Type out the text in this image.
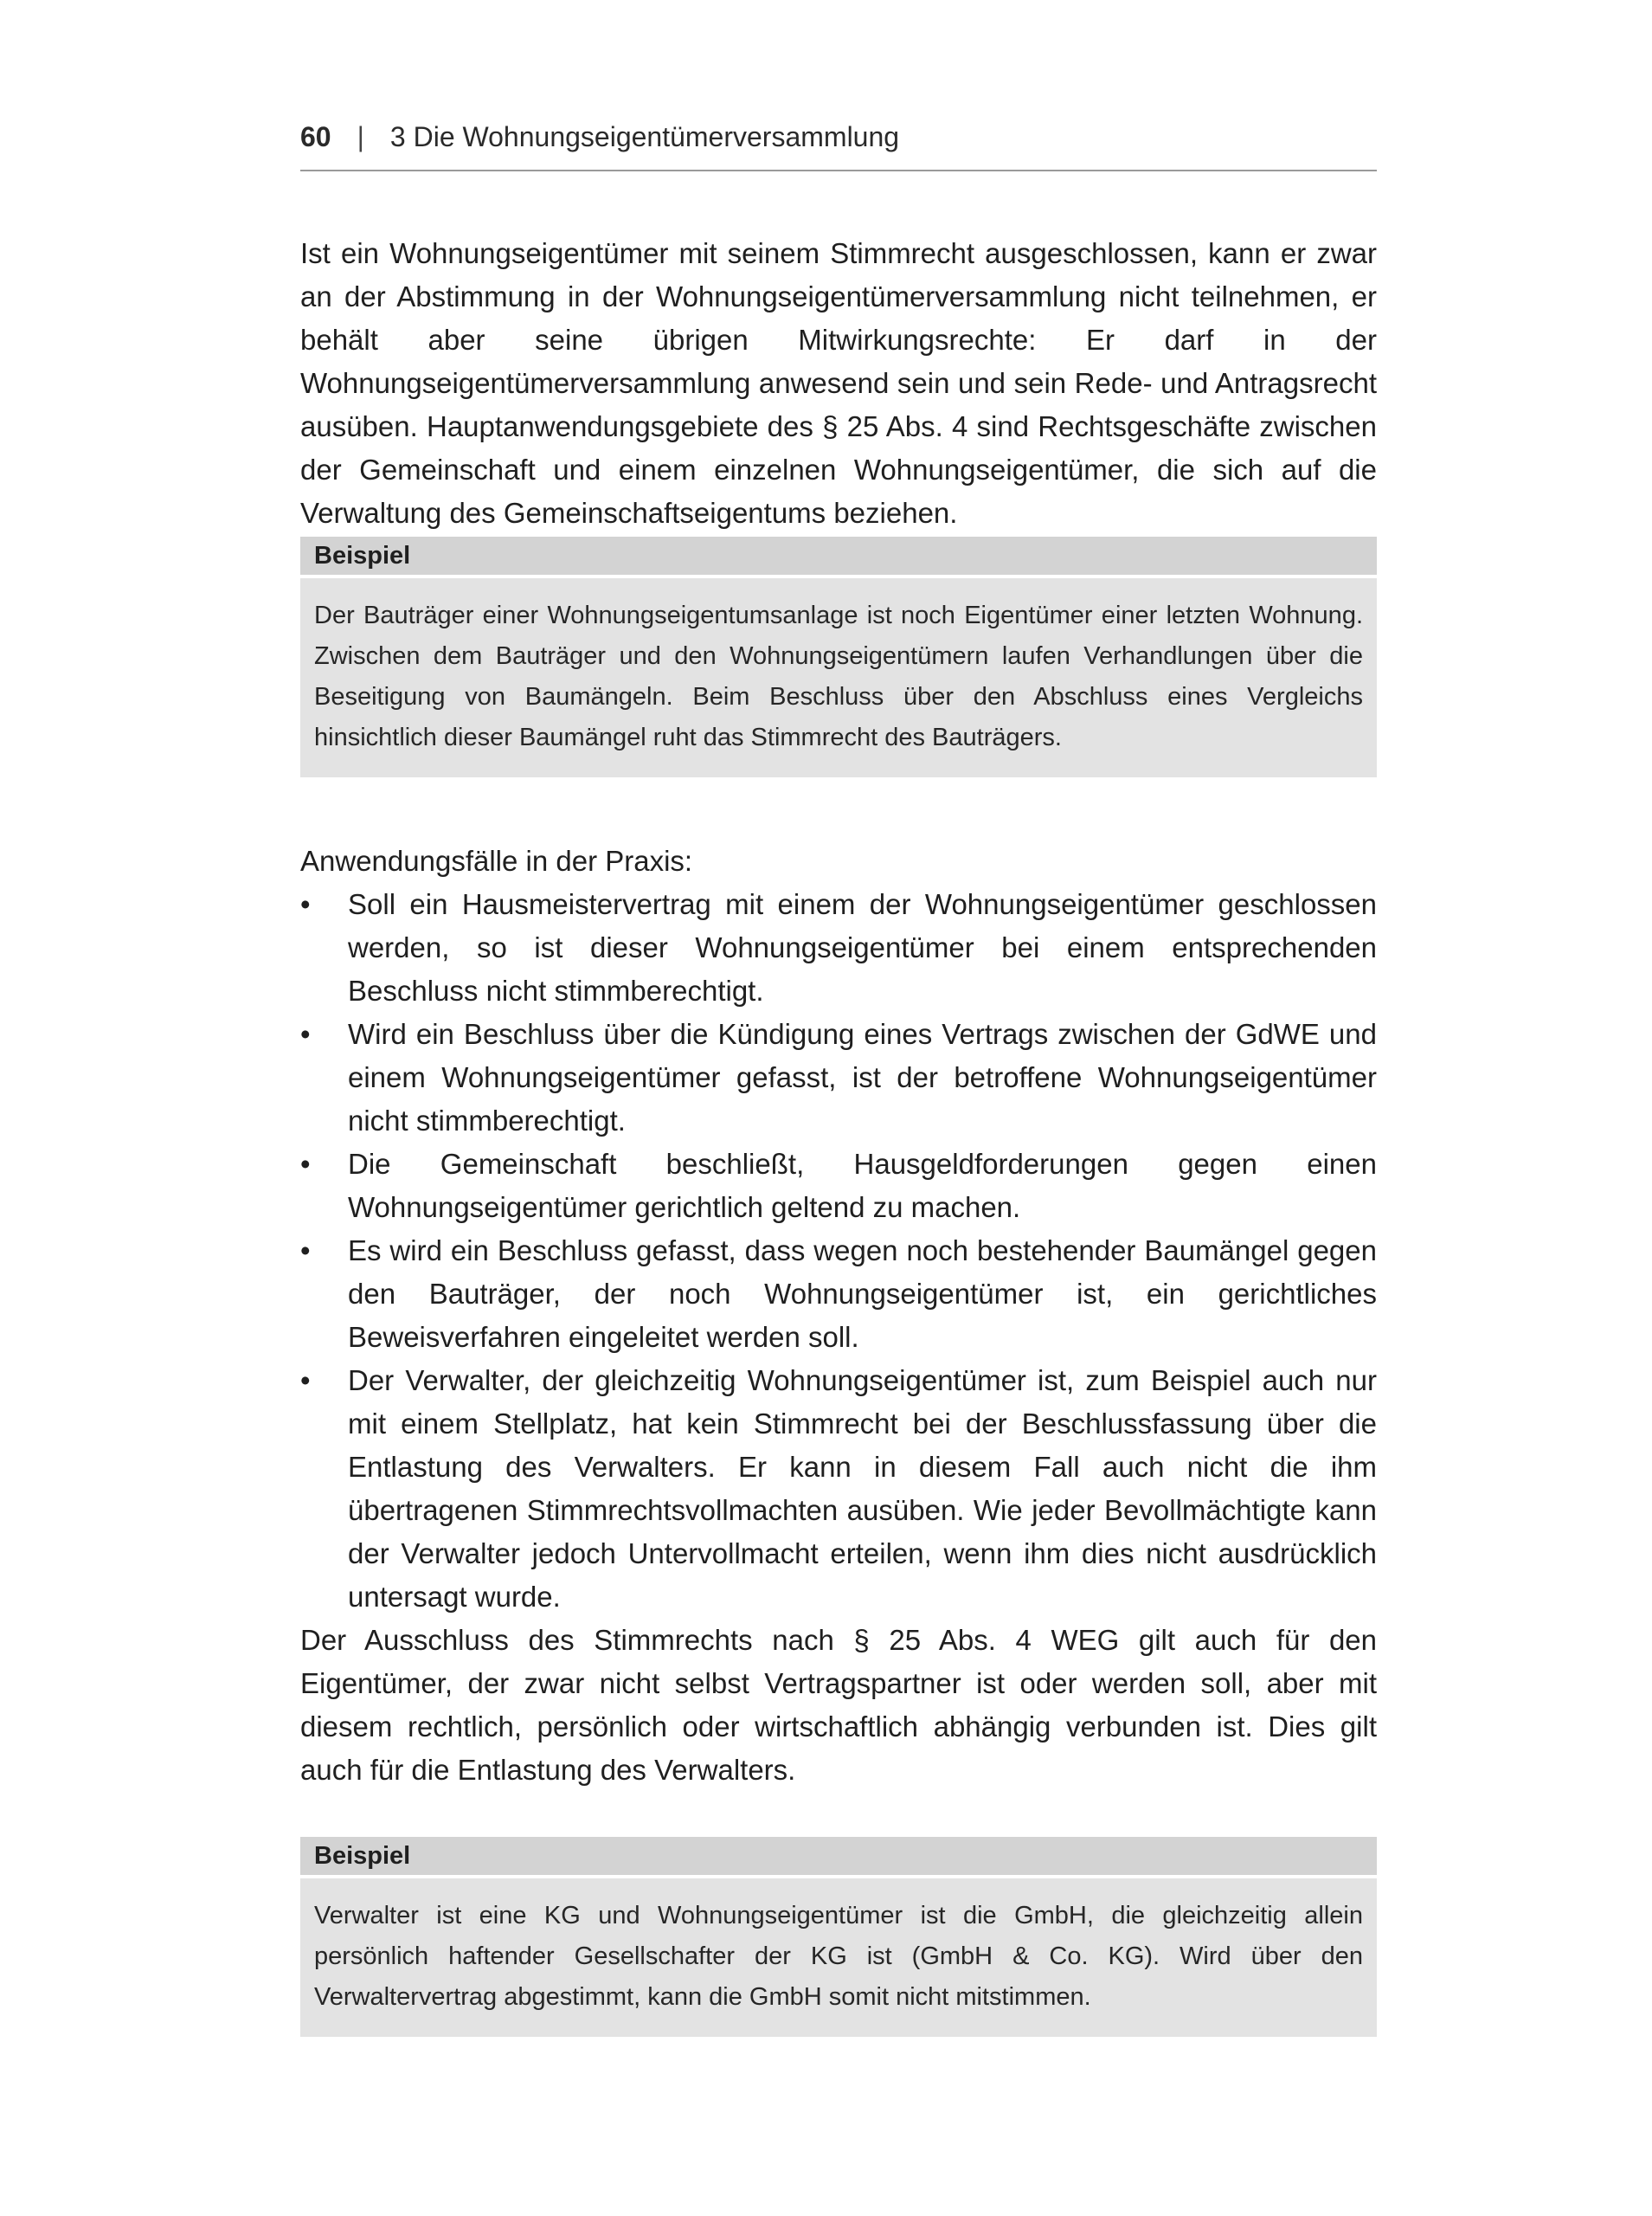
60 | 3 Die Wohnungseigentümerversammlung
Ist ein Wohnungseigentümer mit seinem Stimmrecht ausgeschlossen, kann er zwar an der Abstimmung in der Wohnungseigentümerversammlung nicht teilnehmen, er behält aber seine übrigen Mitwirkungsrechte: Er darf in der Wohnungseigentümerversammlung anwesend sein und sein Rede- und Antragsrecht ausüben. Hauptanwendungsgebiete des § 25 Abs. 4 sind Rechtsgeschäfte zwischen der Gemeinschaft und einem einzelnen Wohnungseigentümer, die sich auf die Verwaltung des Gemeinschaftseigentums beziehen.
Beispiel
Der Bauträger einer Wohnungseigentumsanlage ist noch Eigentümer einer letzten Wohnung. Zwischen dem Bauträger und den Wohnungseigentümern laufen Verhandlungen über die Beseitigung von Baumängeln. Beim Beschluss über den Abschluss eines Vergleichs hinsichtlich dieser Baumängel ruht das Stimmrecht des Bauträgers.
Anwendungsfälle in der Praxis:
• Soll ein Hausmeistervertrag mit einem der Wohnungseigentümer geschlossen werden, so ist dieser Wohnungseigentümer bei einem entsprechenden Beschluss nicht stimmberechtigt.
• Wird ein Beschluss über die Kündigung eines Vertrags zwischen der GdWE und einem Wohnungseigentümer gefasst, ist der betroffene Wohnungseigentümer nicht stimmberechtigt.
• Die Gemeinschaft beschließt, Hausgeldforderungen gegen einen Wohnungseigentümer gerichtlich geltend zu machen.
• Es wird ein Beschluss gefasst, dass wegen noch bestehender Baumängel gegen den Bauträger, der noch Wohnungseigentümer ist, ein gerichtliches Beweisverfahren eingeleitet werden soll.
• Der Verwalter, der gleichzeitig Wohnungseigentümer ist, zum Beispiel auch nur mit einem Stellplatz, hat kein Stimmrecht bei der Beschlussfassung über die Entlastung des Verwalters. Er kann in diesem Fall auch nicht die ihm übertragenen Stimmrechtsvollmachten ausüben. Wie jeder Bevollmächtigte kann der Verwalter jedoch Untervollmacht erteilen, wenn ihm dies nicht ausdrücklich untersagt wurde.
Der Ausschluss des Stimmrechts nach § 25 Abs. 4 WEG gilt auch für den Eigentümer, der zwar nicht selbst Vertragspartner ist oder werden soll, aber mit diesem rechtlich, persönlich oder wirtschaftlich abhängig verbunden ist. Dies gilt auch für die Entlastung des Verwalters.
Beispiel
Verwalter ist eine KG und Wohnungseigentümer ist die GmbH, die gleichzeitig allein persönlich haftender Gesellschafter der KG ist (GmbH & Co. KG). Wird über den Verwaltervertrag abgestimmt, kann die GmbH somit nicht mitstimmen.
